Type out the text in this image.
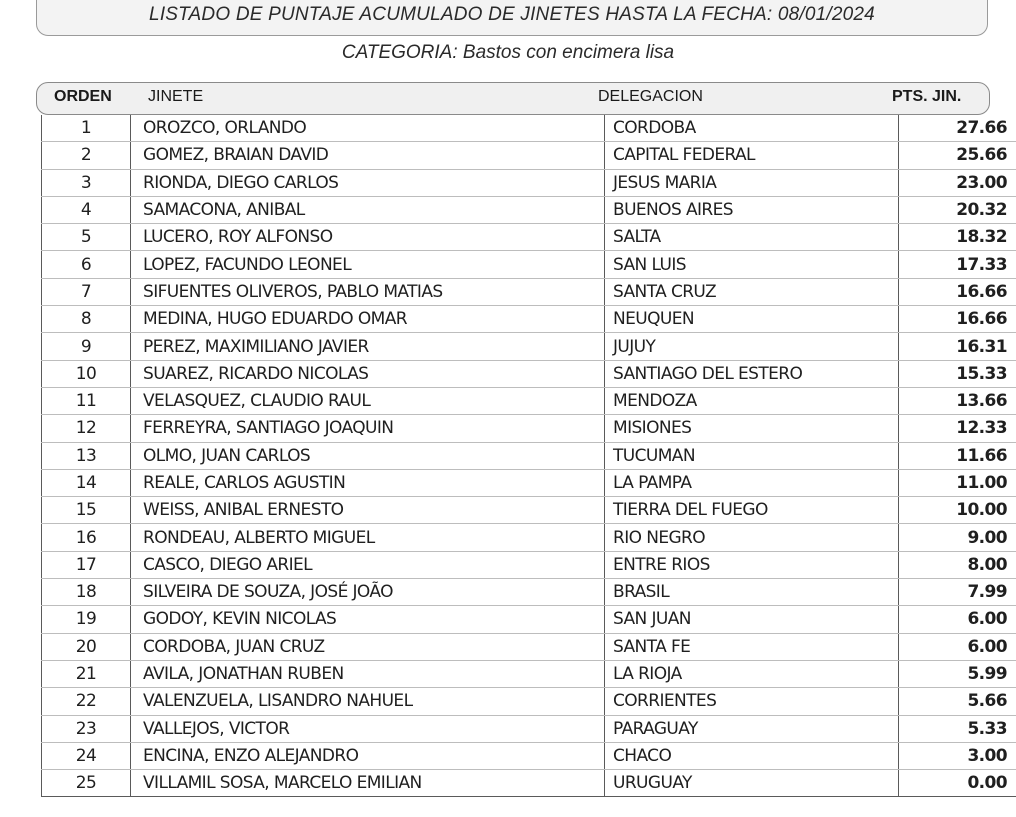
LISTADO DE PUNTAJE ACUMULADO DE JINETES HASTA LA FECHA: 08/01/2024
CATEGORIA: Bastos con encimera lisa
ORDEN JINETE	DELEGACION	PTS. JIN.
1	OROZCO, ORLANDO	CORDOBA	27.66
2	GOMEZ, BRAIAN DAVID	CAPITAL FEDERAL	25.66
3	RIONDA, DIEGO CARLOS	JESUS MARIA	23.00
4	SAMACONA, ANIBAL	BUENOS AIRES	20.32
5	LUCERO, ROY ALFONSO	SALTA	18.32
6	LOPEZ, FACUNDO LEONEL	SAN LUIS	17.33
7	SIFUENTES OLIVEROS, PABLO MATIAS	SANTA CRUZ	16.66
8	MEDINA, HUGO EDUARDO OMAR	NEUQUEN	16.66
9	PEREZ, MAXIMILIANO JAVIER	JUJUY	16.31
10	SUAREZ, RICARDO NICOLAS	SANTIAGO DEL ESTERO	15.33
11	VELASQUEZ, CLAUDIO RAUL	MENDOZA	13.66
12	FERREYRA, SANTIAGO JOAQUIN	MISIONES	12.33
13	OLMO, JUAN CARLOS	TUCUMAN	11.66
14	REALE, CARLOS AGUSTIN	LA PAMPA	11.00
15	WEISS, ANIBAL ERNESTO	TIERRA DEL FUEGO	10.00
16	RONDEAU, ALBERTO MIGUEL	RIO NEGRO	9.00
17	CASCO, DIEGO ARIEL	ENTRE RIOS	8.00
18	SILVEIRA DE SOUZA, JOSÉ JOÃO	BRASIL	7.99
19	GODOY, KEVIN NICOLAS	SAN JUAN	6.00
20	CORDOBA, JUAN CRUZ	SANTA FE	6.00
21	AVILA, JONATHAN RUBEN	LA RIOJA	5.99
22	VALENZUELA, LISANDRO NAHUEL	CORRIENTES	5.66
23	VALLEJOS, VICTOR	PARAGUAY	5.33
24	ENCINA, ENZO ALEJANDRO	CHACO	3.00
25	VILLAMIL SOSA, MARCELO EMILIAN	URUGUAY	0.00
